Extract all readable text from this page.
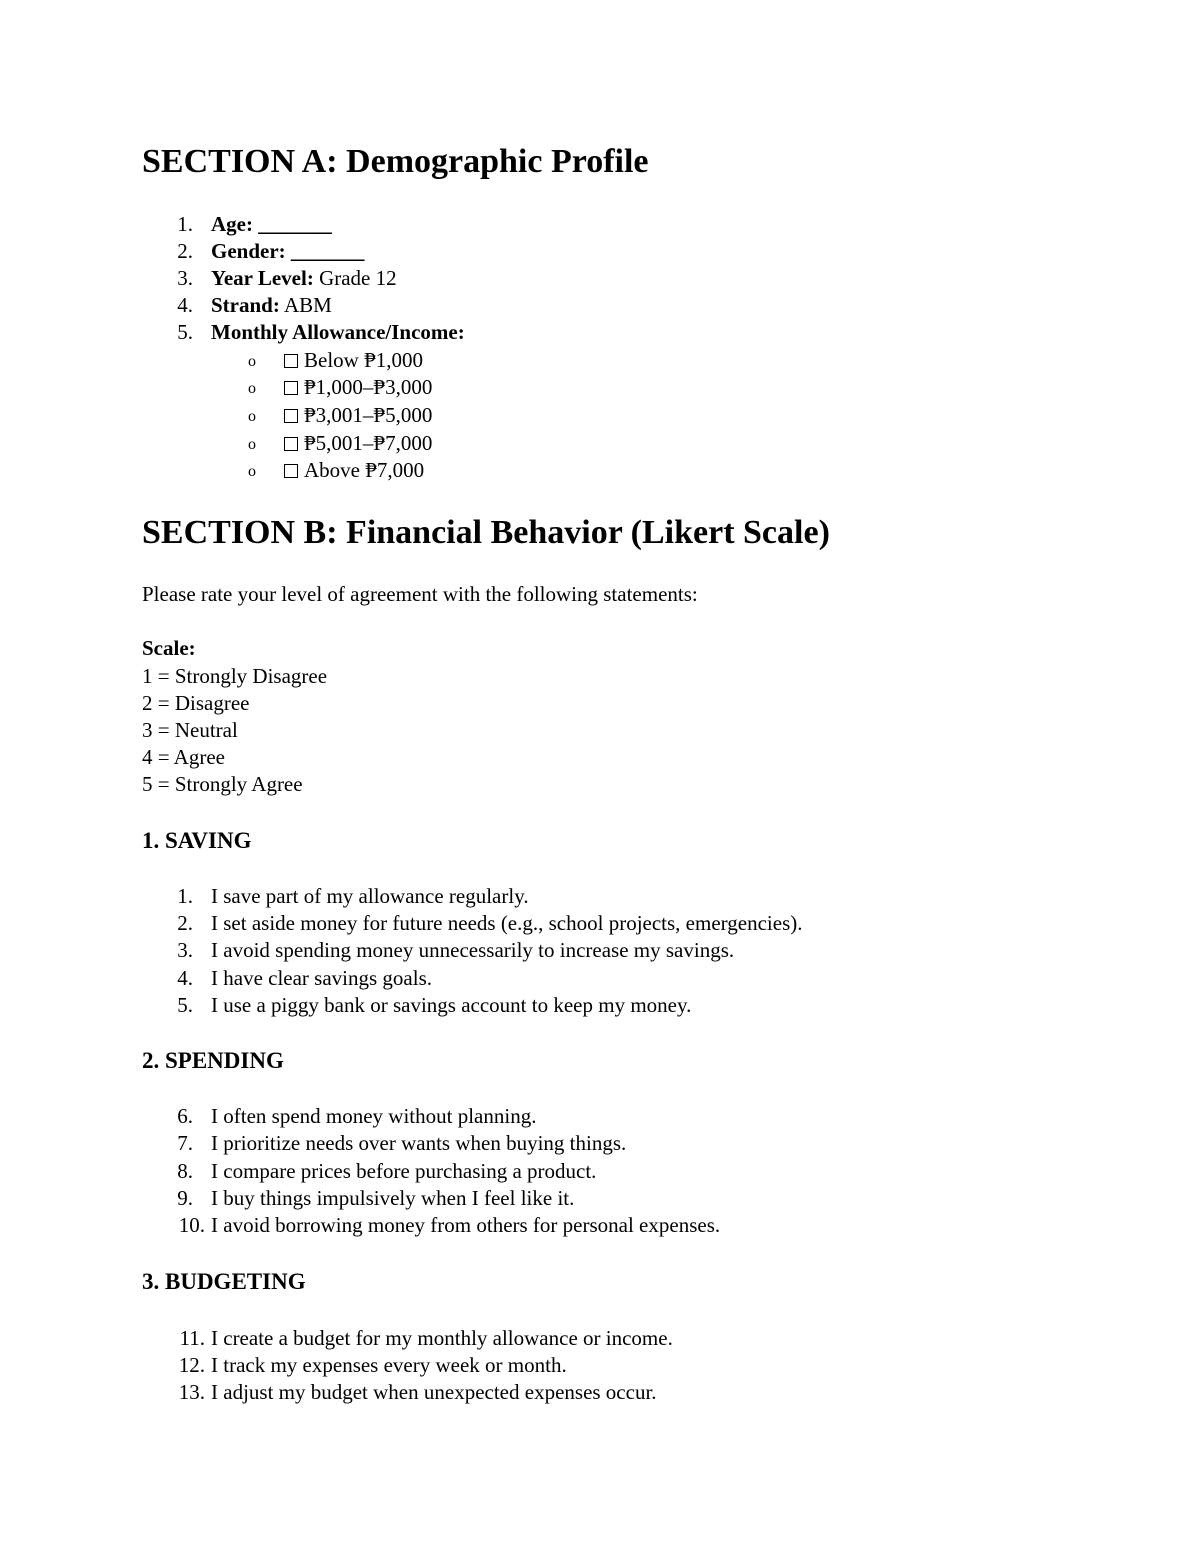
SECTION A: Demographic Profile
1. Age: _______
2. Gender: _______
3. Year Level: Grade 12
4. Strand: ABM
5. Monthly Allowance/Income:
o	Below ₱1,000
o	₱1,000–₱3,000
o	₱3,001–₱5,000
o	₱5,001–₱7,000
o	Above ₱7,000
SECTION B: Financial Behavior (Likert Scale)
Please rate your level of agreement with the following statements:
Scale:
1 = Strongly Disagree
2 = Disagree
3 = Neutral
4 = Agree
5 = Strongly Agree
1. SAVING
1. I save part of my allowance regularly.
2. I set aside money for future needs (e.g., school projects, emergencies).
3. I avoid spending money unnecessarily to increase my savings.
4. I have clear savings goals.
5. I use a piggy bank or savings account to keep my money.
2. SPENDING
6. I often spend money without planning.
7. I prioritize needs over wants when buying things.
8. I compare prices before purchasing a product.
9. I buy things impulsively when I feel like it.
10. I avoid borrowing money from others for personal expenses.
3. BUDGETING
11. I create a budget for my monthly allowance or income.
12. I track my expenses every week or month.
13. I adjust my budget when unexpected expenses occur.
